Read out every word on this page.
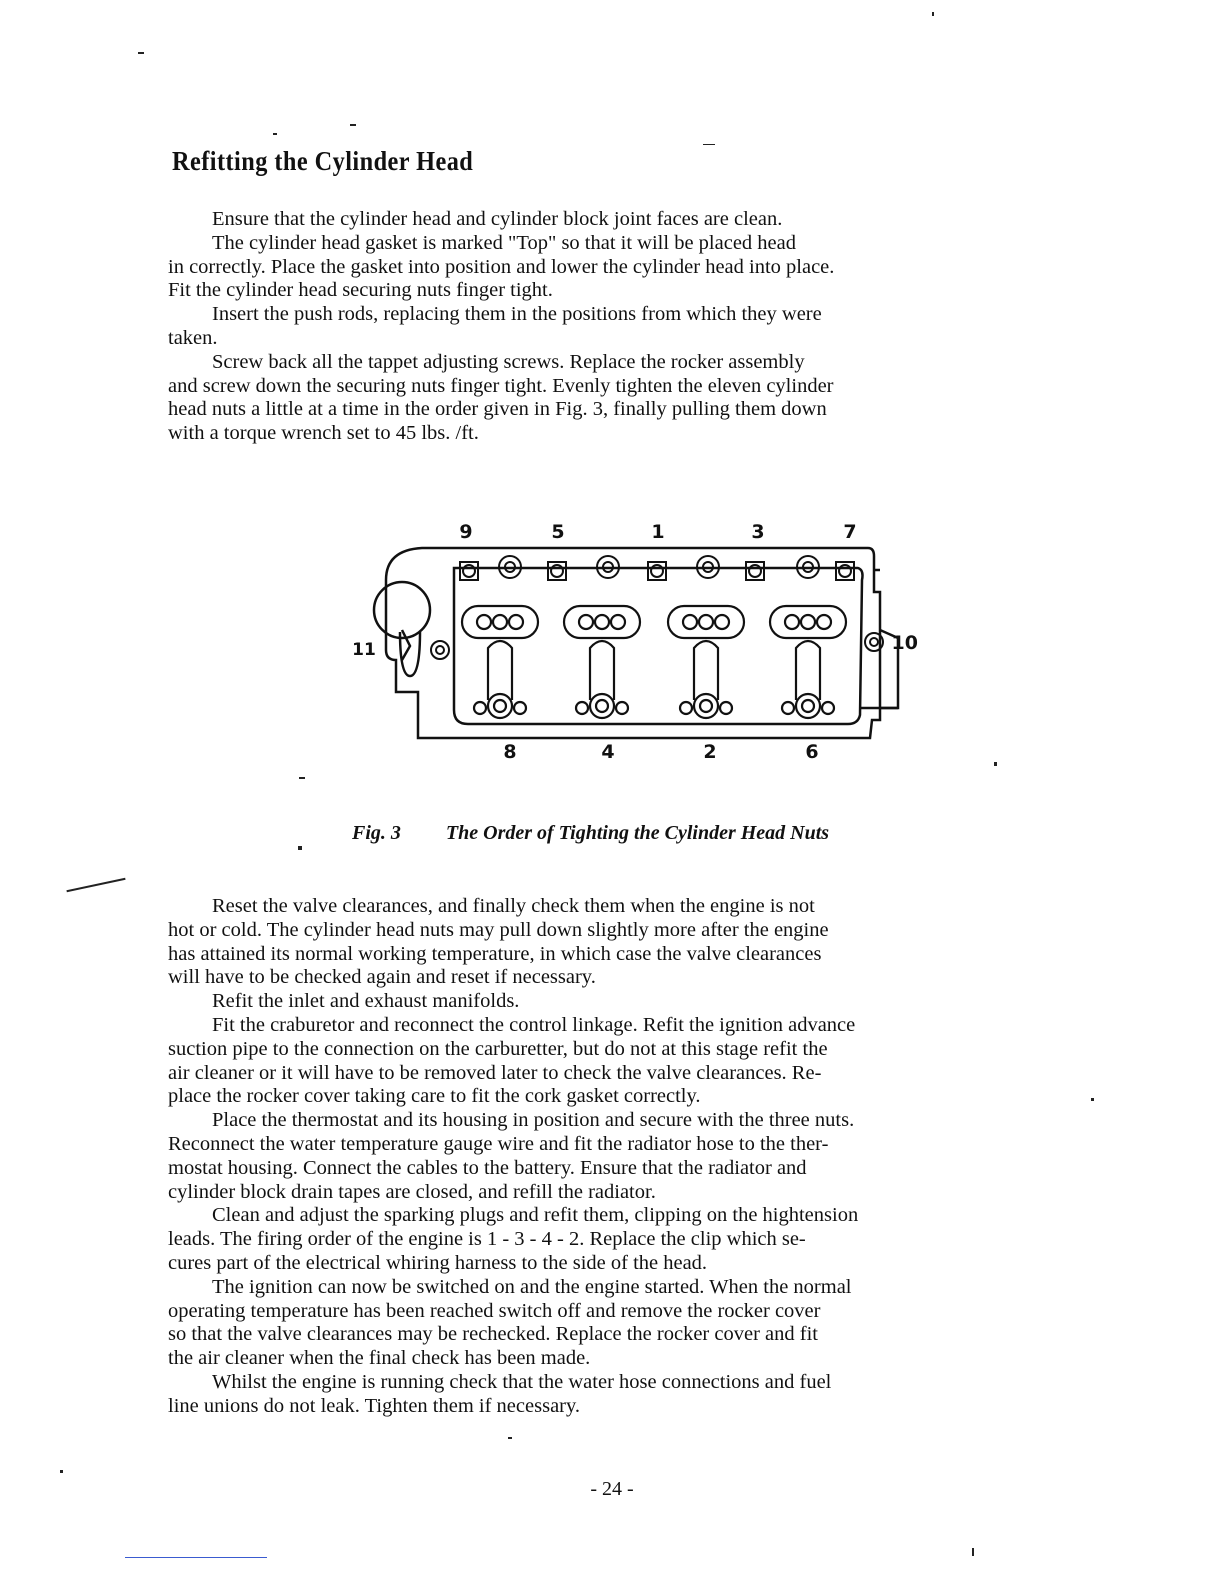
Refitting the Cylinder Head
Ensure that the cylinder head and cylinder block joint faces are clean.
The cylinder head gasket is marked "Top" so that it will be placed head
in correctly. Place the gasket into position and lower the cylinder head into place.
Fit the cylinder head securing nuts finger tight.
Insert the push rods, replacing them in the positions from which they were
taken.
Screw back all the tappet adjusting screws. Replace the rocker assembly
and screw down the securing nuts finger tight. Evenly tighten the eleven cylinder
head nuts a little at a time in the order given in Fig. 3, finally pulling them down
with a torque wrench set to 45 lbs. /ft.
9	5	1	3	7
8	4	2	6
11	10
Fig. 3 The Order of Tighting the Cylinder Head Nuts
Reset the valve clearances, and finally check them when the engine is not
hot or cold. The cylinder head nuts may pull down slightly more after the engine
has attained its normal working temperature, in which case the valve clearances
will have to be checked again and reset if necessary.
Refit the inlet and exhaust manifolds.
Fit the craburetor and reconnect the control linkage. Refit the ignition advance
suction pipe to the connection on the carburetter, but do not at this stage refit the
air cleaner or it will have to be removed later to check the valve clearances. Re-
place the rocker cover taking care to fit the cork gasket correctly.
Place the thermostat and its housing in position and secure with the three nuts.
Reconnect the water temperature gauge wire and fit the radiator hose to the ther-
mostat housing. Connect the cables to the battery. Ensure that the radiator and
cylinder block drain tapes are closed, and refill the radiator.
Clean and adjust the sparking plugs and refit them, clipping on the hightension
leads. The firing order of the engine is 1 - 3 - 4 - 2. Replace the clip which se-
cures part of the electrical whiring harness to the side of the head.
The ignition can now be switched on and the engine started. When the normal
operating temperature has been reached switch off and remove the rocker cover
so that the valve clearances may be rechecked. Replace the rocker cover and fit
the air cleaner when the final check has been made.
Whilst the engine is running check that the water hose connections and fuel
line unions do not leak. Tighten them if necessary.
- 24 -
